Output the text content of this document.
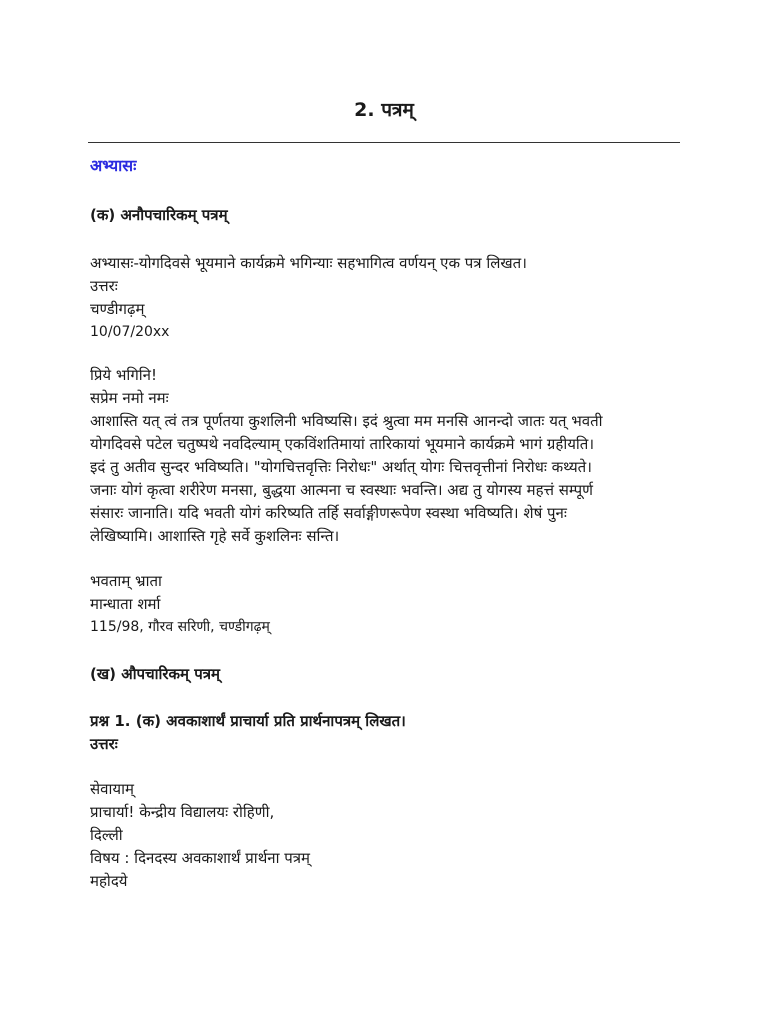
2. पत्रम्
अभ्यासः
(क) अनौपचारिकम् पत्रम्
अभ्यासः-योगदिवसे भूयमाने कार्यक्रमे भगिन्याः सहभागित्व वर्णयन् एक पत्र लिखत।
उत्तरः
चण्डीगढ़म्
10/07/20xx
प्रिये भगिनि!
सप्रेम नमो नमः
आशास्ति यत् त्वं तत्र पूर्णतया कुशलिनी भविष्यसि। इदं श्रुत्वा मम मनसि आनन्दो जातः यत् भवती
योगदिवसे पटेल चतुष्पथे नवदिल्याम् एकविंशतिमायां तारिकायां भूयमाने कार्यक्रमे भागं ग्रहीयति।
इदं तु अतीव सुन्दर भविष्यति। "योगचित्तवृत्तिः निरोधः" अर्थात् योगः चित्तवृत्तीनां निरोधः कथ्यते।
जनाः योगं कृत्वा शरीरेण मनसा, बुद्धया आत्मना च स्वस्थाः भवन्ति। अद्य तु योगस्य महत्तं सम्पूर्ण
संसारः जानाति। यदि भवती योगं करिष्यति तर्हि सर्वाङ्गीणरूपेण स्वस्था भविष्यति। शेषं पुनः
लेखिष्यामि। आशास्ति गृहे सर्वे कुशलिनः सन्ति।
भवताम् भ्राता
मान्धाता शर्मा
115/98, गौरव सरिणी, चण्डीगढ़म्
(ख) औपचारिकम् पत्रम्
प्रश्न 1. (क) अवकाशार्थं प्राचार्या प्रति प्रार्थनापत्रम् लिखत।
उत्तरः
सेवायाम्
प्राचार्या! केन्द्रीय विद्यालयः रोहिणी,
दिल्ली
विषय : दिनदस्य अवकाशार्थं प्रार्थना पत्रम्
महोदये
